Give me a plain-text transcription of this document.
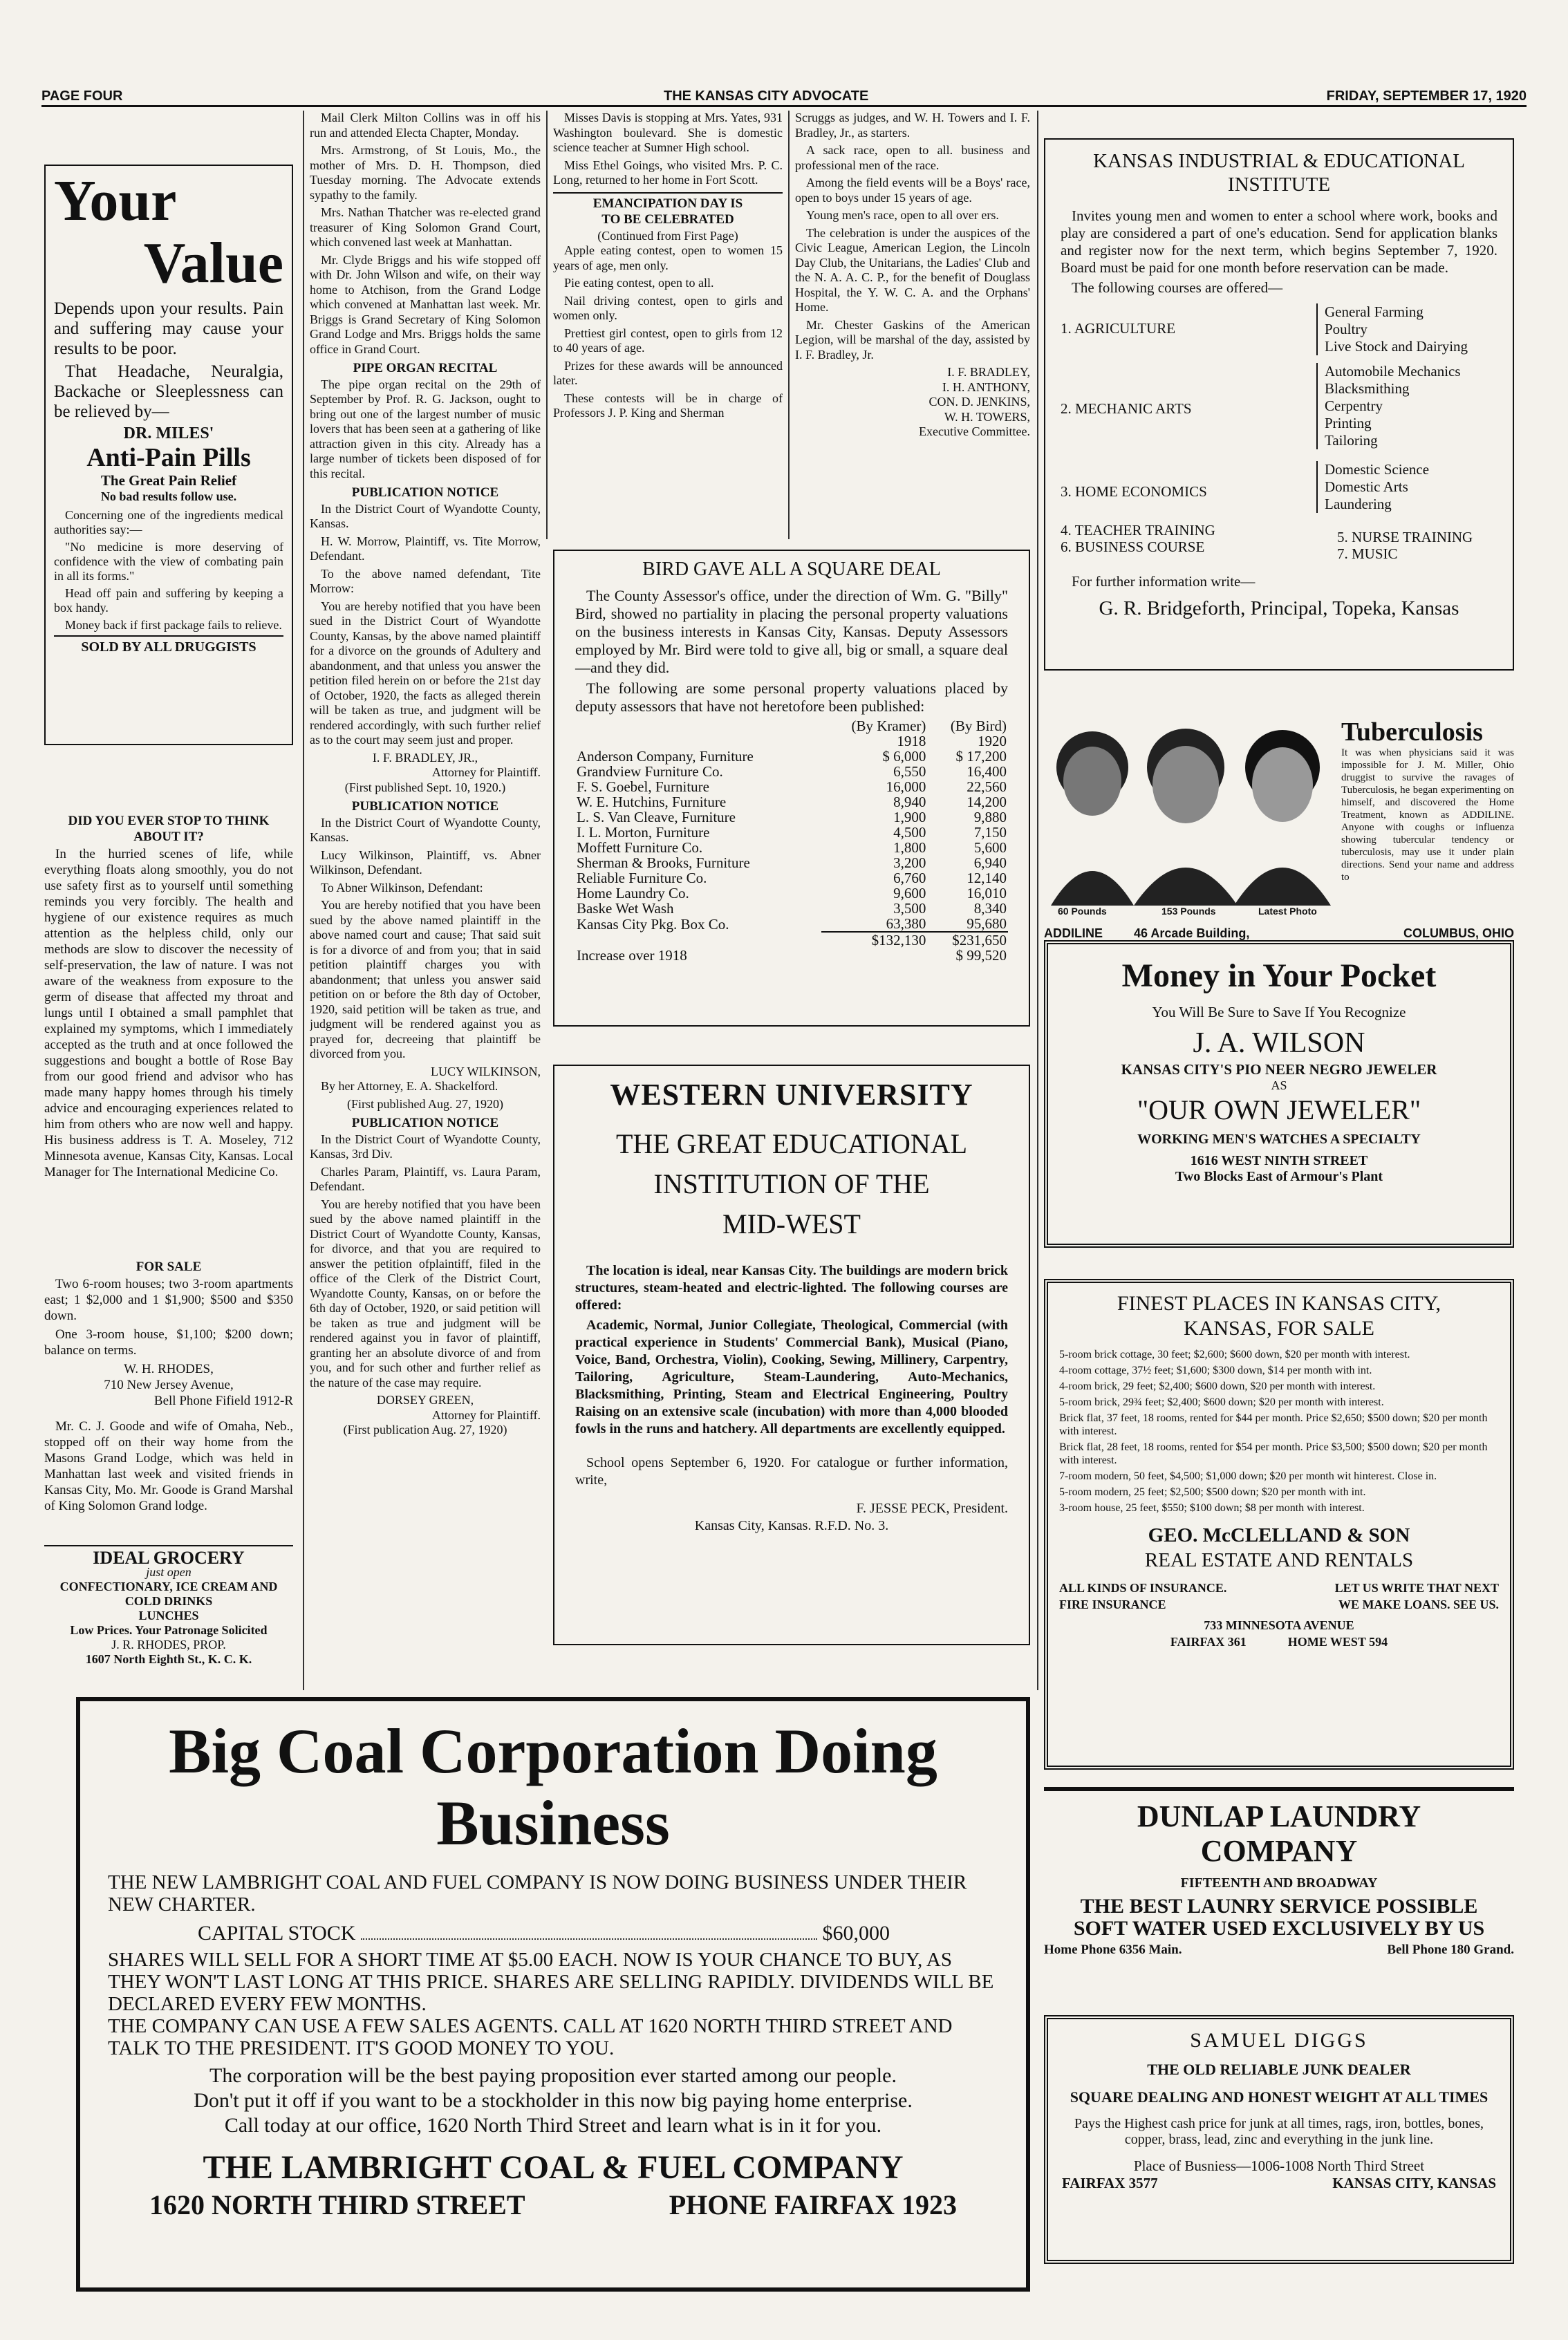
PAGE FOUR	THE KANSAS CITY ADVOCATE	FRIDAY, SEPTEMBER 17, 1920
Your
Value

Depends upon your results. Pain and suffering may cause your results to be poor.

That Headache, Neuralgia, Backache or Sleeplessness can be relieved by—

DR. MILES'
Anti-Pain Pills
The Great Pain Relief
No bad results follow use.

Concerning one of the ingredients medical authorities say:—

"No medicine is more deserving of confidence with the view of combating pain in all its forms."

Head off pain and suffering by keeping a box handy.

Money back if first package fails to relieve.

SOLD BY ALL DRUGGISTS
DID YOU EVER STOP TO THINK ABOUT IT?

In the hurried scenes of life, while everything floats along smoothly, you do not use safety first as to yourself until something reminds you very forcibly. The health and hygiene of our existence requires as much attention as the helpless child, only our methods are slow to discover the necessity of self-preservation, the law of nature. I was not aware of the weakness from exposure to the germ of disease that affected my throat and lungs until I obtained a small pamphlet that explained my symptoms, which I immediately accepted as the truth and at once followed the suggestions and bought a bottle of Rose Bay from our good friend and advisor who has made many happy homes through his timely advice and encouraging experiences related to him from others who are now well and happy. His business address is T. A. Moseley, 712 Minnesota avenue, Kansas City, Kansas. Local Manager for The International Medicine Co.

FOR SALE

Two 6-room houses; two 3-room apartments east; 1 $2,000 and 1 $1,900; $500 and $350 down.

One 3-room house, $1,100; $200 down; balance on terms.

W. H. RHODES,

710 New Jersey Avenue,

Bell Phone Fifield 1912-R

Mr. C. J. Goode and wife of Omaha, Neb., stopped off on their way home from the Masons Grand Lodge, which was held in Manhattan last week and visited friends in Kansas City, Mo. Mr. Goode is Grand Marshal of King Solomon Grand lodge.

IDEAL GROCERY
just open
CONFECTIONARY, ICE CREAM AND COLD DRINKS
LUNCHES
Low Prices. Your Patronage Solicited
J. R. RHODES, PROP.
1607 North Eighth St., K. C. K.

Mail Clerk Milton Collins was in off his run and attended Electa Chapter, Monday.

Mrs. Armstrong, of St Louis, Mo., the mother of Mrs. D. H. Thompson, died Tuesday morning. The Advocate extends sypathy to the family.

Mrs. Nathan Thatcher was re-elected grand treasurer of King Solomon Grand Court, which convened last week at Manhattan.

Mr. Clyde Briggs and his wife stopped off with Dr. John Wilson and wife, on their way home to Atchison, from the Grand Lodge which convened at Manhattan last week. Mr. Briggs is Grand Secretary of King Solomon Grand Lodge and Mrs. Briggs holds the same office in Grand Court.

PIPE ORGAN RECITAL

The pipe organ recital on the 29th of September by Prof. R. G. Jackson, ought to bring out one of the largest number of music lovers that has been seen at a gathering of like attraction given in this city. Already has a large number of tickets been disposed of for this recital.

PUBLICATION NOTICE

In the District Court of Wyandotte County, Kansas.

H. W. Morrow, Plaintiff, vs. Tite Morrow, Defendant.

To the above named defendant, Tite Morrow:

You are hereby notified that you have been sued in the District Court of Wyandotte County, Kansas, by the above named plaintiff for a divorce on the grounds of Adultery and abandonment, and that unless you answer the petition filed herein on or before the 21st day of October, 1920, the facts as alleged therein will be taken as true, and judgment will be rendered accordingly, with such further relief as to the court may seem just and proper.

I. F. BRADLEY, JR.,

Attorney for Plaintiff.

(First published Sept. 10, 1920.)

PUBLICATION NOTICE

In the District Court of Wyandotte County, Kansas.

Lucy Wilkinson, Plaintiff, vs. Abner Wilkinson, Defendant.

To Abner Wilkinson, Defendant:

You are hereby notified that you have been sued by the above named plaintiff in the above named court and cause; That said suit is for a divorce of and from you; that in said petition plaintiff charges you with abandonment; that unless you answer said petition on or before the 8th day of October, 1920, said petition will be taken as true, and judgment will be rendered against you as prayed for, decreeing that plaintiff be divorced from you.

LUCY WILKINSON,

By her Attorney, E. A. Shackelford.

(First published Aug. 27, 1920)

PUBLICATION NOTICE

In the District Court of Wyandotte County, Kansas, 3rd Div.

Charles Param, Plaintiff, vs. Laura Param, Defendant.

You are hereby notified that you have been sued by the above named plaintiff in the District Court of Wyandotte County, Kansas, for divorce, and that you are required to answer the petition ofplaintiff, filed in the office of the Clerk of the District Court, Wyandotte County, Kansas, on or before the 6th day of October, 1920, or said petition will be taken as true and judgment will be rendered against you in favor of plaintiff, granting her an absolute divorce of and from you, and for such other and further relief as the nature of the case may require.

DORSEY GREEN,

Attorney for Plaintiff.

(First publication Aug. 27, 1920)

Misses Davis is stopping at Mrs. Yates, 931 Washington boulevard. She is domestic science teacher at Sumner High school.

Miss Ethel Goings, who visited Mrs. P. C. Long, returned to her home in Fort Scott.

EMANCIPATION DAY IS
TO BE CELEBRATED

(Continued from First Page)

Apple eating contest, open to women 15 years of age, men only.

Pie eating contest, open to all.

Nail driving contest, open to girls and women only.

Prettiest girl contest, open to girls from 12 to 40 years of age.

Prizes for these awards will be announced later.

These contests will be in charge of Professors J. P. King and Sherman

Scruggs as judges, and W. H. Towers and I. F. Bradley, Jr., as starters.

A sack race, open to all. business and professional men of the race.

Among the field events will be a Boys' race, open to boys under 15 years of age.

Young men's race, open to all over ers.

The celebration is under the auspices of the Civic League, American Legion, the Lincoln Day Club, the Unitarians, the Ladies' Club and the N. A. A. C. P., for the benefit of Douglass Hospital, the Y. W. C. A. and the Orphans' Home.

Mr. Chester Gaskins of the American Legion, will be marshal of the day, assisted by I. F. Bradley, Jr.

I. F. BRADLEY,

I. H. ANTHONY,

CON. D. JENKINS,

W. H. TOWERS,

Executive Committee.

BIRD GAVE ALL A SQUARE DEAL

The County Assessor's office, under the direction of Wm. G. "Billy" Bird, showed no partiality in placing the personal property valuations on the business interests in Kansas City, Kansas. Deputy Assessors employed by Mr. Bird were told to give all, big or small, a square deal—and they did.

The following are some personal property valuations placed by deputy assessors that have not heretofore been published:

	(By Kramer)	(By Bird)
	1918	1920
Anderson Company, Furniture	$ 6,000	$ 17,200
Grandview Furniture Co.	6,550	16,400
F. S. Goebel, Furniture	16,000	22,560
W. E. Hutchins, Furniture	8,940	14,200
L. S. Van Cleave, Furniture	1,900	9,880
I. L. Morton, Furniture	4,500	7,150
Moffett Furniture Co.	1,800	5,600
Sherman & Brooks, Furniture	3,200	6,940
Reliable Furniture Co.	6,760	12,140
Home Laundry Co.	9,600	16,010
Baske Wet Wash	3,500	8,340
Kansas City Pkg. Box Co.	63,380	95,680
	$132,130	$231,650
Increase over 1918		$ 99,520
WESTERN UNIVERSITY
THE GREAT EDUCATIONAL
INSTITUTION OF THE
MID-WEST

The location is ideal, near Kansas City. The buildings are modern brick structures, steam-heated and electric-lighted. The following courses are offered:

Academic, Normal, Junior Collegiate, Theological, Commercial (with practical experience in Students' Commercial Bank), Musical (Piano, Voice, Band, Orchestra, Violin), Cooking, Sewing, Millinery, Carpentry, Tailoring, Agriculture, Steam-Laundering, Auto-Mechanics, Blacksmithing, Printing, Steam and Electrical Engineering, Poultry Raising on an extensive scale (incubation) with more than 4,000 blooded fowls in the runs and hatchery. All departments are excellently equipped.

School opens September 6, 1920. For catalogue or further information, write,

F. JESSE PECK, President.

Kansas City, Kansas. R.F.D. No. 3.

KANSAS INDUSTRIAL & EDUCATIONAL
INSTITUTE

Invites young men and women to enter a school where work, books and play are considered a part of one's education. Send for application blanks and register now for the next term, which begins September 7, 1920. Board must be paid for one month before reservation can be made.

The following courses are offered—

1. AGRICULTURE
General Farming
Poultry
Live Stock and Dairying
2. MECHANIC ARTS
Automobile Mechanics
Blacksmithing
Cerpentry
Printing
Tailoring
3. HOME ECONOMICS
Domestic Science
Domestic Arts
Laundering
4. TEACHER TRAINING
6. BUSINESS COURSE
5. NURSE TRAINING
7. MUSIC

For further information write—

G. R. Bridgeforth, Principal, Topeka, Kansas

60 Pounds	153 Pounds	Latest Photo
Tuberculosis
It was when physicians said it was impossible for J. M. Miller, Ohio druggist to survive the ravages of Tuberculosis, he began experimenting on himself, and discovered the Home Treatment, known as ADDILINE. Anyone with coughs or influenza showing tubercular tendency or tuberculosis, may use it under plain directions. Send your name and address to
ADDILINE	46 Arcade Building,	COLUMBUS, OHIO
Money in Your Pocket
You Will Be Sure to Save If You Recognize
J. A. WILSON
KANSAS CITY'S PIO NEER NEGRO JEWELER
AS
"OUR OWN JEWELER"
WORKING MEN'S WATCHES A SPECIALTY
1616 WEST NINTH STREET
Two Blocks East of Armour's Plant
FINEST PLACES IN KANSAS CITY,
KANSAS, FOR SALE

5-room brick cottage, 30 feet; $2,600; $600 down, $20 per month with interest.

4-room cottage, 37½ feet; $1,600; $300 down, $14 per month with int.

4-room brick, 29 feet; $2,400; $600 down, $20 per month with interest.

5-room brick, 29¾ feet; $2,400; $600 down; $20 per month with interest.

Brick flat, 37 feet, 18 rooms, rented for $44 per month. Price $2,650; $500 down; $20 per month with interest.

Brick flat, 28 feet, 18 rooms, rented for $54 per month. Price $3,500; $500 down; $20 per month with interest.

7-room modern, 50 feet, $4,500; $1,000 down; $20 per month wit hinterest. Close in.

5-room modern, 25 feet; $2,500; $500 down; $20 per month with int.

3-room house, 25 feet, $550; $100 down; $8 per month with interest.

GEO. McCLELLAND & SON
REAL ESTATE AND RENTALS
ALL KINDS OF INSURANCE.	LET US WRITE THAT NEXT
FIRE INSURANCE	WE MAKE LOANS. SEE US.
733 MINNESOTA AVENUE
FAIRFAX 361	HOME WEST 594
DUNLAP LAUNDRY
COMPANY
FIFTEENTH AND BROADWAY
THE BEST LAUNRY SERVICE POSSIBLE
SOFT WATER USED EXCLUSIVELY BY US
Home Phone 6356 Main.	Bell Phone 180 Grand.
SAMUEL DIGGS
THE OLD RELIABLE JUNK DEALER
SQUARE DEALING AND HONEST WEIGHT AT ALL TIMES
Pays the Highest cash price for junk at all times, rags, iron, bottles, bones, copper, brass, lead, zinc and everything in the junk line.
Place of Busniess—1006-1008 North Third Street
FAIRFAX 3577	KANSAS CITY, KANSAS
Big Coal Corporation Doing
Business
THE NEW LAMBRIGHT COAL AND FUEL COMPANY IS NOW DOING BUSINESS UNDER THEIR NEW CHARTER.
CAPITAL STOCK	$60,000
SHARES WILL SELL FOR A SHORT TIME AT $5.00 EACH. NOW IS YOUR CHANCE TO BUY, AS THEY WON'T LAST LONG AT THIS PRICE. SHARES ARE SELLING RAPIDLY. DIVIDENDS WILL BE DECLARED EVERY FEW MONTHS.
THE COMPANY CAN USE A FEW SALES AGENTS. CALL AT 1620 NORTH THIRD STREET AND TALK TO THE PRESIDENT. IT'S GOOD MONEY TO YOU.
The corporation will be the best paying proposition ever started among our people.
Don't put it off if you want to be a stockholder in this now big paying home enterprise.
Call today at our office, 1620 North Third Street and learn what is in it for you.
THE LAMBRIGHT COAL & FUEL COMPANY
1620 NORTH THIRD STREET	PHONE FAIRFAX 1923
